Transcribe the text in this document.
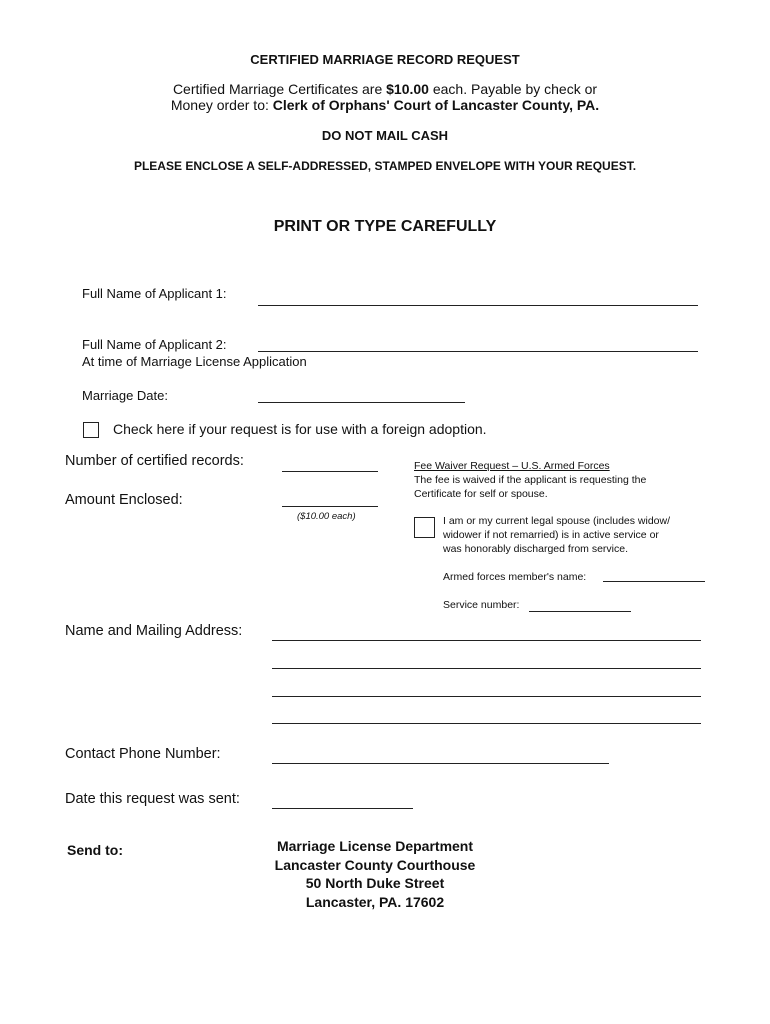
CERTIFIED MARRIAGE RECORD REQUEST
Certified Marriage Certificates are $10.00 each. Payable by check or
Money order to: Clerk of Orphans' Court of Lancaster County, PA.
DO NOT MAIL CASH
PLEASE ENCLOSE A SELF-ADDRESSED, STAMPED ENVELOPE WITH YOUR REQUEST.
PRINT OR TYPE CAREFULLY
Full Name of Applicant 1:
Full Name of Applicant 2:
At time of Marriage License Application
Marriage Date:
Check here if your request is for use with a foreign adoption.
Number of certified records:
Amount Enclosed:
($10.00 each)
Fee Waiver Request – U.S. Armed Forces
The fee is waived if the applicant is requesting the
Certificate for self or spouse.
I am or my current legal spouse (includes widow/
widower if not remarried) is in active service or
was honorably discharged from service.
Armed forces member's name:
Service number:
Name and Mailing Address:
Contact Phone Number:
Date this request was sent:
Send to:	Marriage License Department
Lancaster County Courthouse
50 North Duke Street
Lancaster, PA. 17602
